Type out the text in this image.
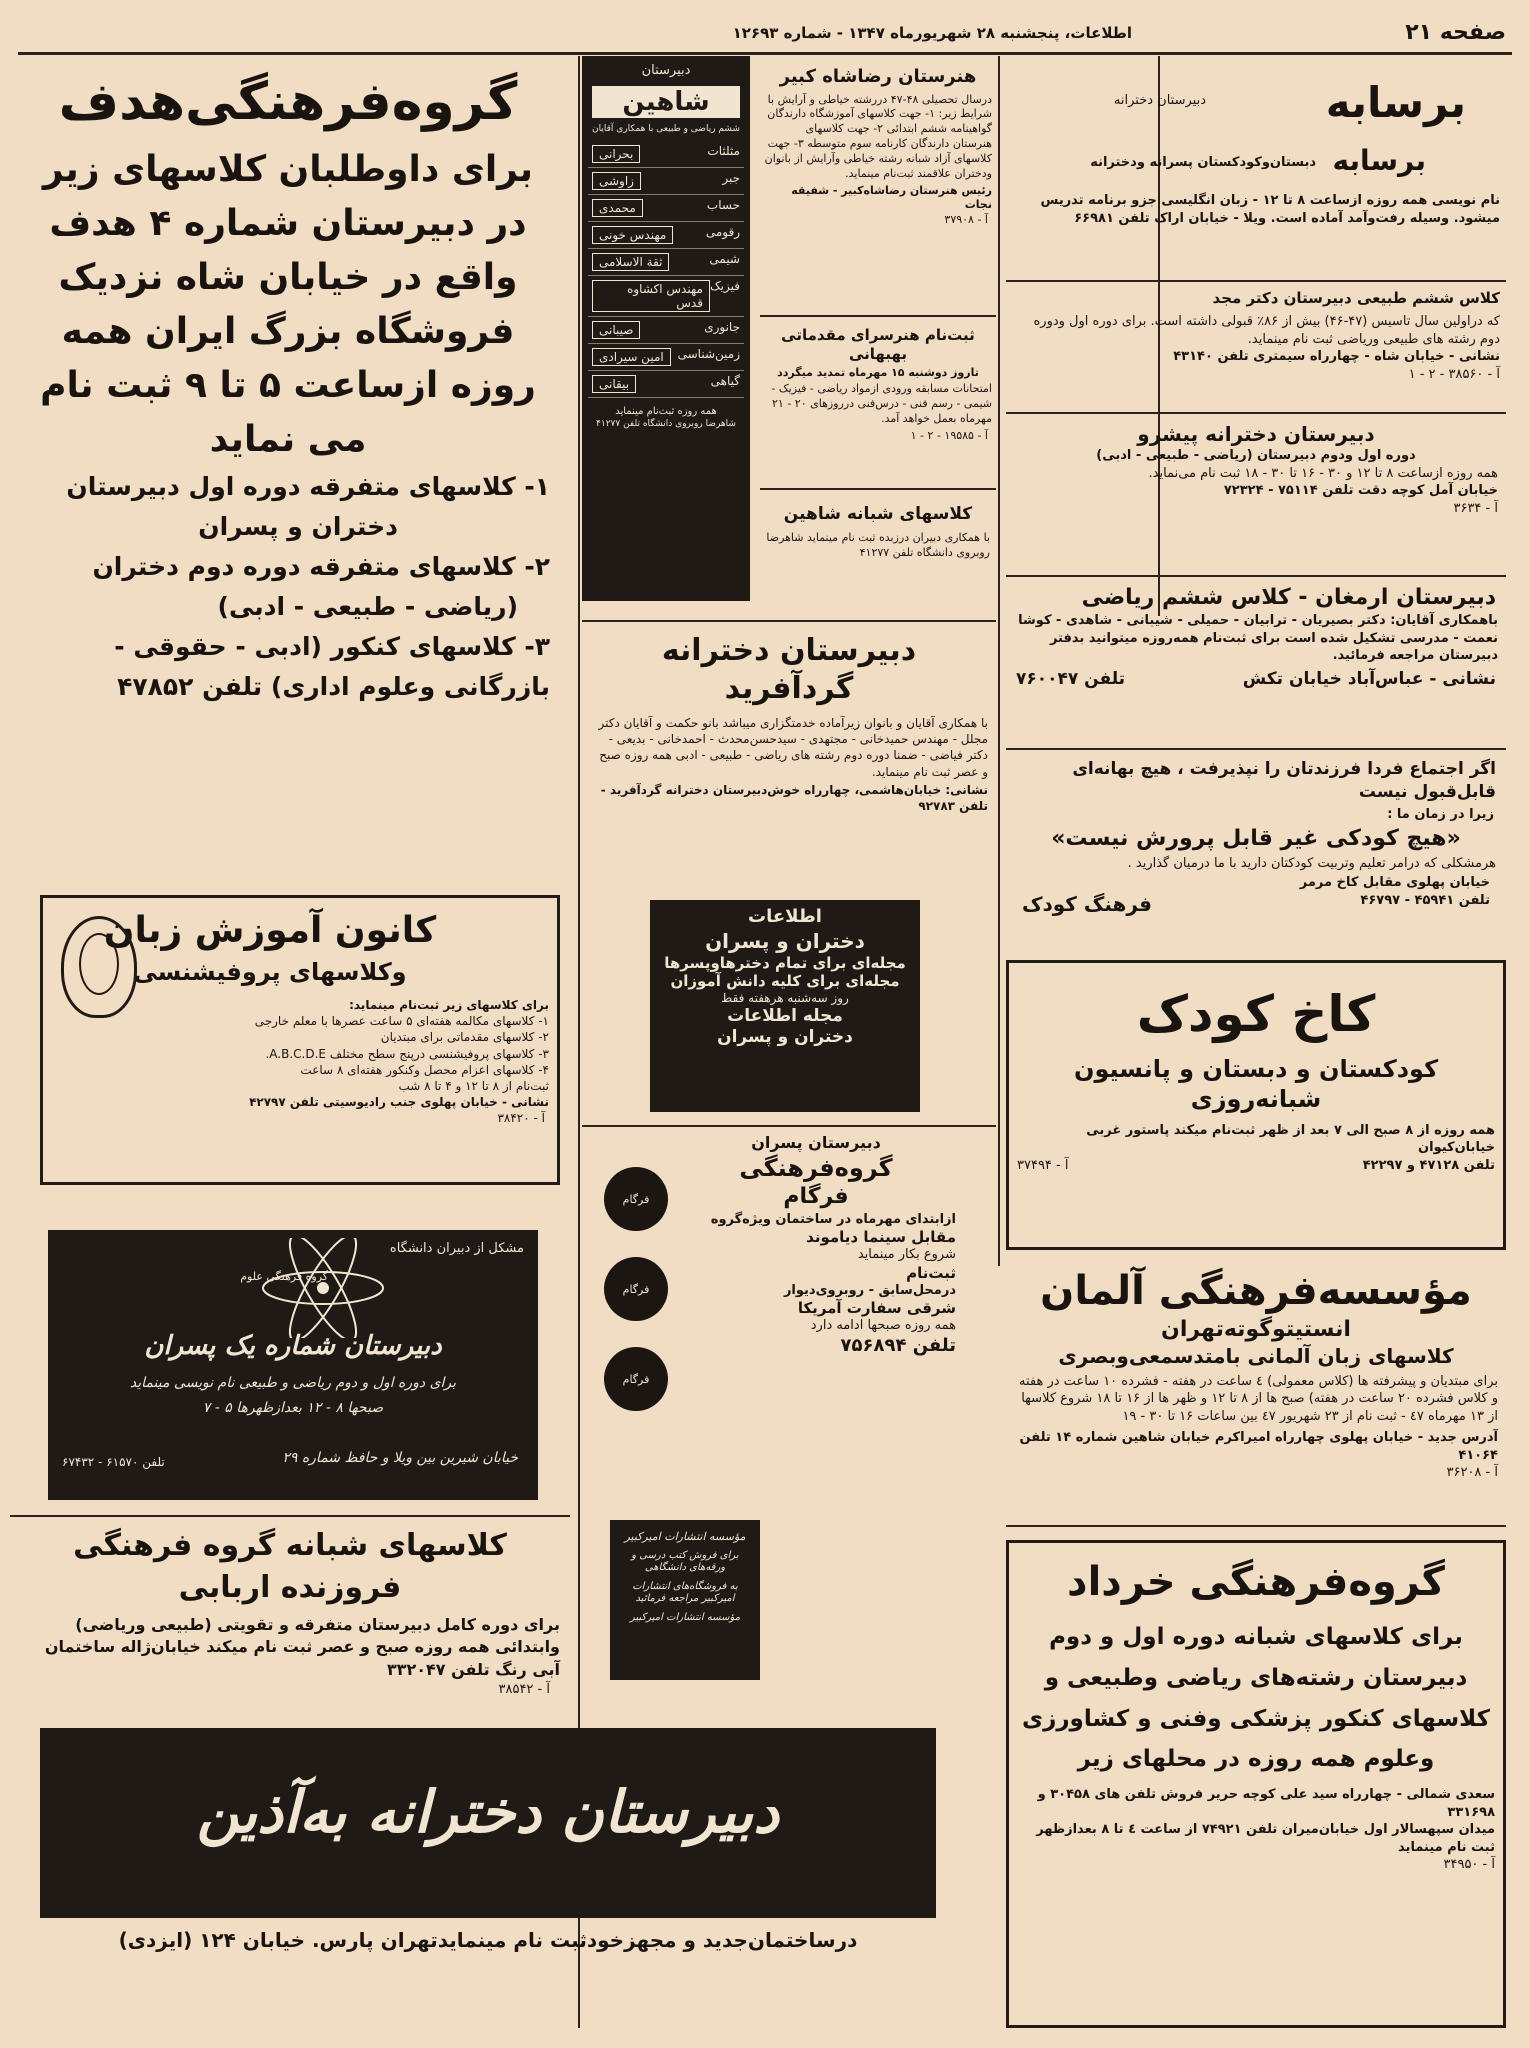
صفحه ۲۱
اطلاعات، پنجشنبه ۲۸ شهریورماه ۱۳۴۷ - شماره ۱۲۶۹۳
دبیرستان دخترانه	برسابه
دبستان‌و‌کودکستان پسرانه ودخترانه برسابه

نام نویسی همه روزه ازساعت ۸ تا ۱۲ - زبان انگلیسی جزو برنامه تدریس میشود. وسیله رفت‌وآمد آماده است. ویلا - خیابان اراک تلفن ۶۶۹۸۱

کلاس ششم طبیعی دبیرستان دکتر مجد

که دراولین سال تاسیس (۴۷-۴۶) بیش از ۸۶٪ قبولی داشته است. برای دوره اول ودوره دوم رشته های طبیعی وریاضی ثبت نام مینماید.

نشانی - خیابان شاه - چهارراه سیمتری تلفن ۴۳۱۴۰
آ - ۳۸۵۶۰ - ۲ - ۱
دبیرستان دخترانه پیشرو
دوره اول ودوم دبیرستان (ریاضی - طبیعی - ادبی)
همه روزه ازساعت ۸ تا ۱۲ و ۳۰ - ۱۶ تا ۳۰ - ۱۸ ثبت نام می‌نماید.
خیابان آمل کوچه دقت تلفن ۷۵۱۱۴ - ۷۲۳۲۴
آ - ۳۶۳۴
دبیرستان ارمغان - کلاس ششم ریاضی

باهمکاری آقایان: دکتر بصیریان - ترابیان - حمیلی - شیبانی - شاهدی - کوشا نعمت - مدرسی تشکیل شده است برای ثبت‌نام همه‌روزه میتوانید بدفتر دبیرستان مراجعه فرمائید.

نشانی - عباس‌آباد خیابان تکش
تلفن ۷۶۰۰۴۷
اگر اجتماع فردا فرزندتان را نپذیرفت ، هیچ بهانه‌ای قابل‌قبول نیست
زیرا در زمان ما :
«هیچ کودکی غیر قابل پرورش نیست»
هرمشکلی که درامر تعلیم وتربیت کودکتان دارید با ما درمیان گذارید .
خیابان پهلوی مقابل کاخ مرمر
تلفن ۴۵۹۴۱ - ۴۶۷۹۷
فرهنگ کودک
کاخ کودک
کودکستان و دبستان و پانسیون
شبانه‌روزی
همه روزه از ۸ صبح الی ۷ بعد از ظهر ثبت‌نام میکند پاستور غربی خیابان‌کیوان
تلفن ۴۷۱۲۸ و ۴۲۲۹۷
آ - ۳۷۴۹۴
مؤسسه‌فرهنگی آلمان
انستیتوگوته‌تهران
کلاسهای زبان آلمانی بامتدسمعی‌وبصری

برای مبتدیان و پیشرفته ها (کلاس معمولی) ٤ ساعت در هفته - فشرده ۱۰ ساعت در هفته و کلاس فشرده ۲۰ ساعت در هفته) صبح ها از ۸ تا ۱۲ و ظهر ها از ۱۶ تا ۱۸ شروع کلاسها از ۱۳ مهرماه ٤۷ - ثبت نام از ۲۳ شهریور ٤۷ بین ساعات ۱۶ تا ۳۰ - ۱۹

آدرس جدید - خیابان پهلوی چهارراه امیراکرم خیابان شاهین شماره ۱۴ تلفن ۴۱۰۶۴
آ - ۳۶۲۰۸
گروه‌فرهنگی خرداد
برای کلاسهای شبانه دوره اول و دوم
دبیرستان رشته‌های ریاضی وطبیعی و
کلاسهای کنکور پزشکی وفنی و کشاورزی
وعلوم همه روزه در محلهای زیر
سعدی شمالی - چهارراه سید علی کوچه حریر فروش تلفن های ۳۰۴۵۸ و ۳۳۱۶۹۸
میدان سپهسالار اول خیابان‌میران تلفن ۷۴۹۲۱ از ساعت ٤ تا ۸ بعدازظهر ثبت نام مینماید
آ - ۳۴۹۵۰
هنرستان رضاشاه کبیر

درسال تحصیلی ۴۸-۴۷ دررشته خیاطی و آرایش با شرایط زیر: ۱- جهت کلاسهای آموزشگاه دارندگان گواهینامه ششم ابتدائی ۲- جهت کلاسهای هنرستان دارندگان کارنامه سوم متوسطه ۳- جهت کلاسهای آزاد شبانه رشته خیاطی وآرایش از بانوان ودختران علاقمند ثبت‌نام مینماید.

رئیس هنرستان رضاشاه‌کبیر - شفیقه نجات
آ - ۳۷۹۰۸
ثبت‌نام هنرسرای مقدماتی بهبهانی
تاروز دوشنبه ۱۵ مهرماه تمدید میگردد

امتحانات مسابقه ورودی ازمواد ریاضی - فیزیک - شیمی - رسم فنی - درس‌فنی درروزهای ۲۰ - ۲۱ مهرماه بعمل خواهد آمد.

آ - ۱۹۵۸۵ - ۲ - ۱
کلاسهای شبانه شاهین

با همکاری دبیران درزبده ثبت نام مینماید شاهرضا روبروی دانشگاه تلفن ۴۱۲۷۷

دبیرستان
شاهین
ششم ریاضی و طبیعی با همکاری آقایان
مثلثات
بحرانی
جبر
زاوشی
حساب
محمدی
رقومی
مهندس خونی
شیمی
ثقة الاسلامی
فیزیک
مهندس اکشاوه قدس
جانوری
صیبانی
زمین‌شناسی
امین سیرادی
گیاهی
بیقانی
همه روزه ثبت‌نام مینماید
شاهرضا روبروی دانشگاه تلفن ۴۱۲۷۷
دبیرستان دخترانه
گردآفرید

با همکاری آقایان و بانوان زیرآماده خدمتگزاری میباشد بانو حکمت و آقایان دکتر مجلل - مهندس حمیدخانی - مجتهدی - سیدحسن‌محدث - احمدخانی - بدیعی - دکتر فیاضی - ضمنا دوره دوم رشته های ریاضی - طبیعی - ادبی همه روزه صبح و عصر ثبت نام مینماید.

نشانی: خیابان‌هاشمی، چهارراه خوش‌دبیرستان دخترانه گردآفرید - تلفن ۹۲۷۸۳
اطلاعات
دختران و پسران
مجله‌ای برای تمام دخترهاوپسرها
مجله‌ای برای کلیه دانش آموزان
روز سه‌شنبه هرهفته فقط
مجله اطلاعات
دختران و پسران
فرگام
فرگام
فرگام
دبیرستان پسران
گروه‌فرهنگی
فرگام
ازابتدای مهرماه در ساختمان ویژه‌گروه
مقابل سینما دیاموند
شروع بکار مینماید
ثبت‌نام
درمحل‌سابق - روبروی‌دیوار
شرقی سفارت آمریکا
همه روزه صبحها ادامه دارد
تلفن ۷۵۶۸۹۴
گروه‌فرهنگی‌هدف
برای داوطلبان کلاسهای زیر
در دبیرستان شماره ۴ هدف
واقع در خیابان شاه نزدیک
فروشگاه بزرگ ایران همه
روزه ازساعت ۵ تا ۹ ثبت نام
می نماید
۱- کلاسهای متفرقه دوره اول دبیرستان
دختران و پسران
۲- کلاسهای متفرقه دوره دوم دختران
(ریاضی - طبیعی - ادبی)
۳- کلاسهای کنکور (ادبی - حقوقی -
بازرگانی وعلوم اداری) تلفن ۴۷۸۵۲
کانون آموزش زبان
وکلاسهای پروفیشنسی
برای کلاسهای زیر ثبت‌نام مینماید:
۱- کلاسهای مکالمه هفته‌ای ۵ ساعت عصرها با معلم خارجی
۲- کلاسهای مقدماتی برای مبتدیان
۳- کلاسهای پروفیشنسی درپنج سطح مختلف A.B.C.D.E.
۴- کلاسهای اعزام محصل وکنکور هفته‌ای ۸ ساعت
ثبت‌نام از ۸ تا ۱۲ و ۴ تا ۸ شب
نشانی - خیابان پهلوی جنب رادیوسیتی تلفن ۴۲۷۹۷
آ - ۳۸۴۲۰
مشکل از دبیران دانشگاه
گروه فرهنگی علوم
دبیرستان شماره یک پسران
برای دوره اول و دوم ریاضی و طبیعی نام نویسی مینماید
صبحها ۸ - ۱۲ بعدازظهرها ۵ - ۷
خیابان شیرین بین ویلا و حافظ شماره ۲۹
تلفن ۶۱۵۷۰ - ۶۷۴۳۲
کلاسهای شبانه گروه فرهنگی
فروزنده اربابی

برای دوره کامل دبیرستان متفرقه و تقویتی (طبیعی وریاضی) وابتدائی همه روزه صبح و عصر ثبت نام میکند خیابان‌ژاله ساختمان آبی رنگ تلفن ۳۳۲۰۴۷

آ - ۳۸۵۴۲
مؤسسه انتشارات امیرکبیر
برای فروش کتب درسی و ورقه‌های دانشگاهی
به فروشگاه‌های انتشارات امیرکبیر مراجعه فرمائید
مؤسسه انتشارات امیرکبیر
دبیرستان دخترانه به‌آذین
درساختمان‌جدید و مجهزخودثبت نام مینمایدتهران پارس. خیابان ۱۲۴ (ایزدی)
